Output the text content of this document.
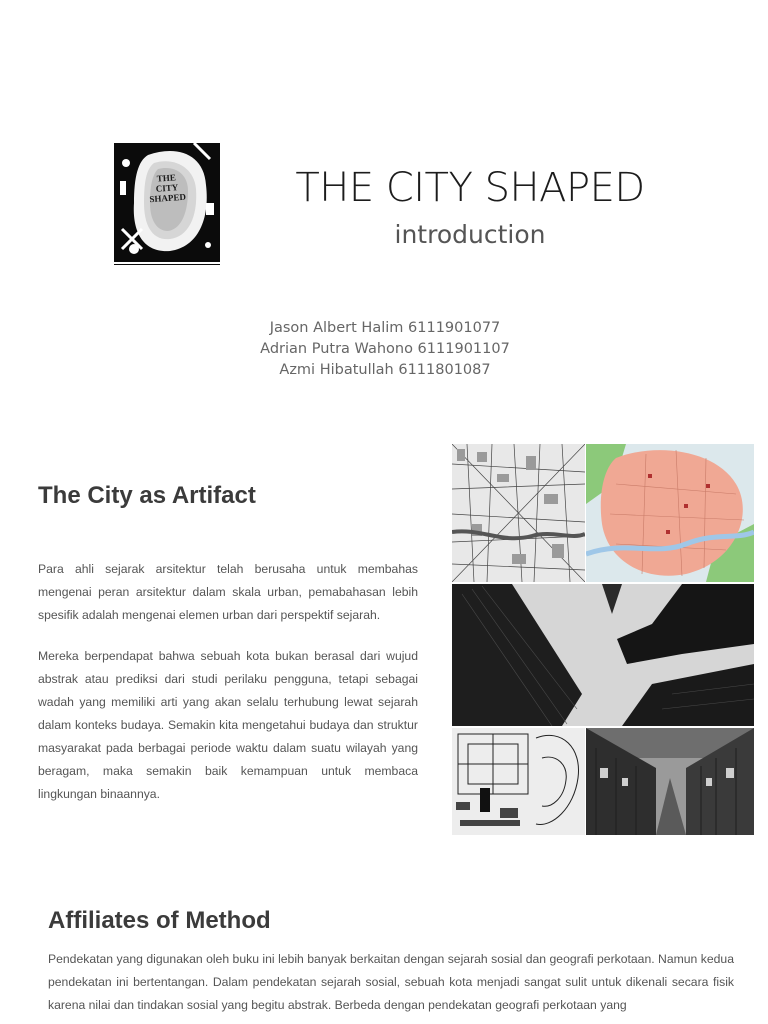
THE
CITY
SHAPED	THE CITY SHAPED
introduction
Jason Albert Halim 6111901077
Adrian Putra Wahono 6111901107
Azmi Hibatullah 6111801087
The City as Artifact

Para ahli sejarak arsitektur telah berusaha untuk membahas mengenai peran arsitektur dalam skala urban, pemabahasan lebih spesifik adalah mengenai elemen urban dari perspektif sejarah.

Mereka berpendapat bahwa sebuah kota bukan berasal dari wujud abstrak atau prediksi dari studi perilaku pengguna, tetapi sebagai wadah yang memiliki arti yang akan selalu terhubung lewat sejarah dalam konteks budaya. Semakin kita mengetahui budaya dan struktur masyarakat pada berbagai periode waktu dalam suatu wilayah yang beragam, maka semakin baik kemampuan untuk membaca lingkungan binaannya.

Affiliates of Method

Pendekatan yang digunakan oleh buku ini lebih banyak berkaitan dengan sejarah sosial dan geografi perkotaan. Namun kedua pendekatan ini bertentangan. Dalam pendekatan sejarah sosial, sebuah kota menjadi sangat sulit untuk dikenali secara fisik karena nilai dan tindakan sosial yang begitu abstrak. Berbeda dengan pendekatan geografi perkotaan yang
